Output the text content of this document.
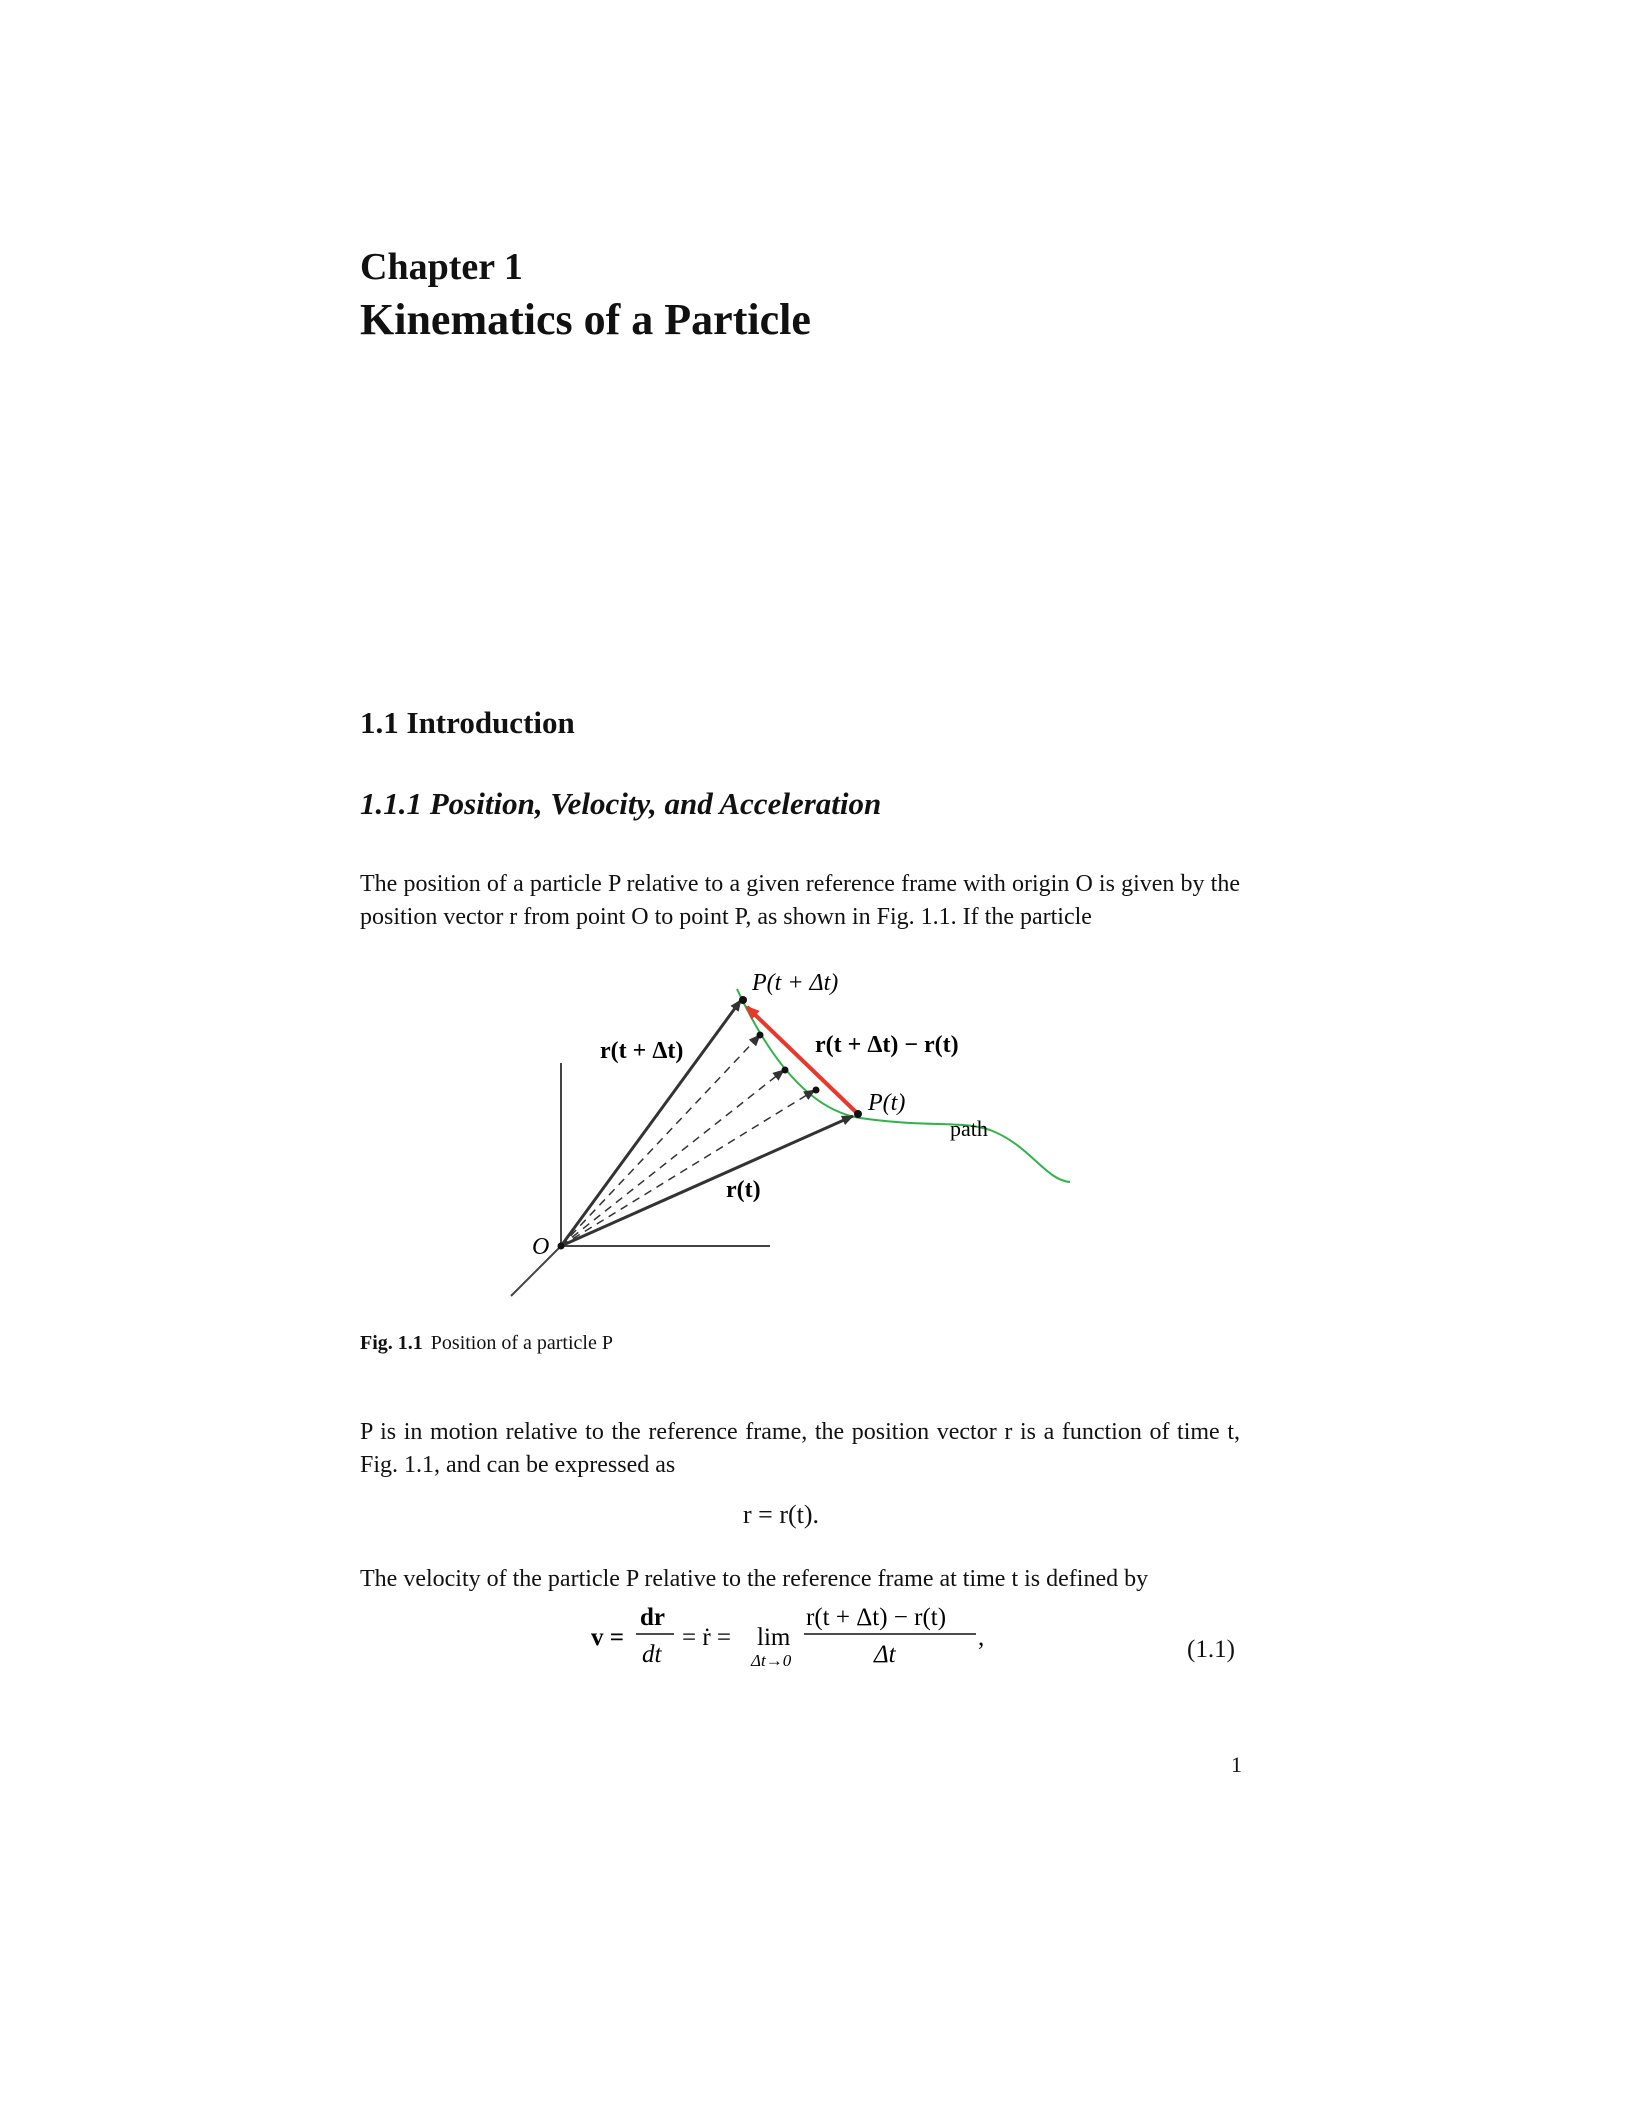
Chapter 1
Kinematics of a Particle
1.1 Introduction
1.1.1 Position, Velocity, and Acceleration
The position of a particle P relative to a given reference frame with origin O is given by the position vector r from point O to point P, as shown in Fig. 1.1. If the particle
O
P(t + Δt)
P(t)
r(t + Δt)
r(t)
r(t + Δt) − r(t)
path
Fig. 1.1 Position of a particle P
P is in motion relative to the reference frame, the position vector r is a function of time t, Fig. 1.1, and can be expressed as
r = r(t).
The velocity of the particle P relative to the reference frame at time t is defined by
v =
dr
dt
= ṙ = lim
Δt→0
r(t + Δt) − r(t)
Δt
,	(1.1)
1
